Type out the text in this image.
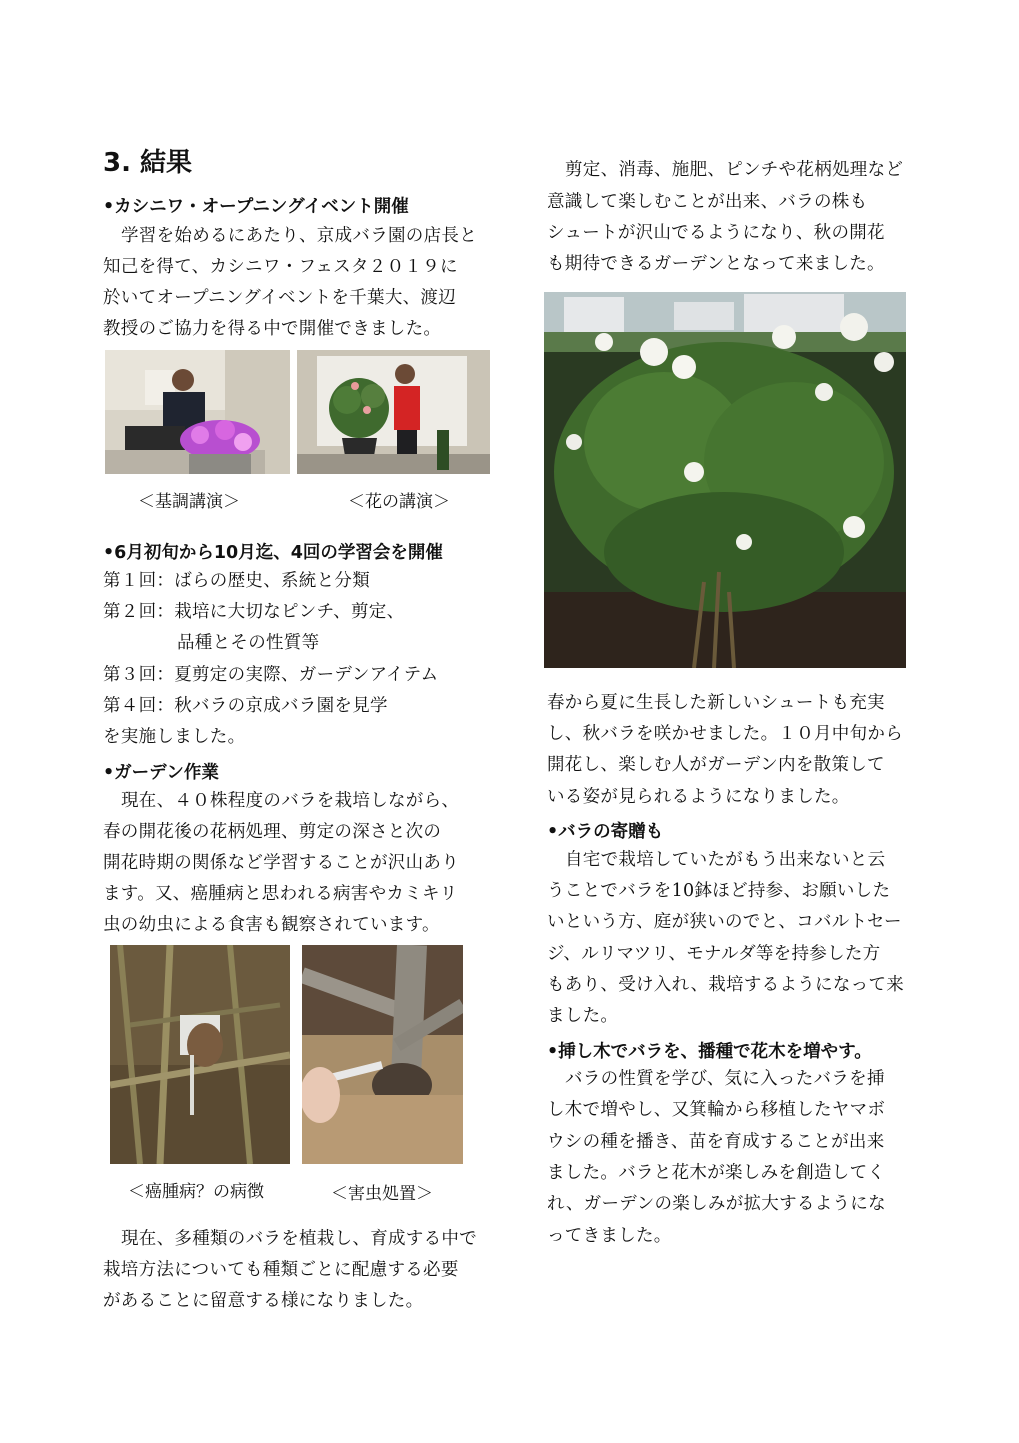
3. 結果
•カシニワ・オープニングイベント開催
学習を始めるにあたり、京成バラ園の店長と
知己を得て、カシニワ・フェスタ２０１９に
於いてオープニングイベントを千葉大、渡辺
教授のご協力を得る中で開催できました。
＜基調講演＞	＜花の講演＞
•6月初旬から10月迄、4回の学習会を開催
第１回：ばらの歴史、系統と分類
第２回：栽培に大切なピンチ、剪定、
品種とその性質等
第３回：夏剪定の実際、ガーデンアイテム
第４回：秋バラの京成バラ園を見学
を実施しました。
•ガーデン作業
現在、４０株程度のバラを栽培しながら、
春の開花後の花柄処理、剪定の深さと次の
開花時期の関係など学習することが沢山あり
ます。又、癌腫病と思われる病害やカミキリ
虫の幼虫による食害も観察されています。
＜癌腫病？の病徴	＜害虫処置＞
現在、多種類のバラを植栽し、育成する中で
栽培方法についても種類ごとに配慮する必要
があることに留意する様になりました。
剪定、消毒、施肥、ピンチや花柄処理など
意識して楽しむことが出来、バラの株も
シュートが沢山でるようになり、秋の開花
も期待できるガーデンとなって来ました。
春から夏に生長した新しいシュートも充実
し、秋バラを咲かせました。１０月中旬から
開花し、楽しむ人がガーデン内を散策して
いる姿が見られるようになりました。
•バラの寄贈も
自宅で栽培していたがもう出来ないと云
うことでバラを10鉢ほど持参、お願いした
いという方、庭が狭いのでと、コバルトセー
ジ、ルリマツリ、モナルダ等を持参した方
もあり、受け入れ、栽培するようになって来
ました。
•挿し木でバラを、播種で花木を増やす。
バラの性質を学び、気に入ったバラを挿
し木で増やし、又箕輪から移植したヤマボ
ウシの種を播き、苗を育成することが出来
ました。バラと花木が楽しみを創造してく
れ、ガーデンの楽しみが拡大するようにな
ってきました。
